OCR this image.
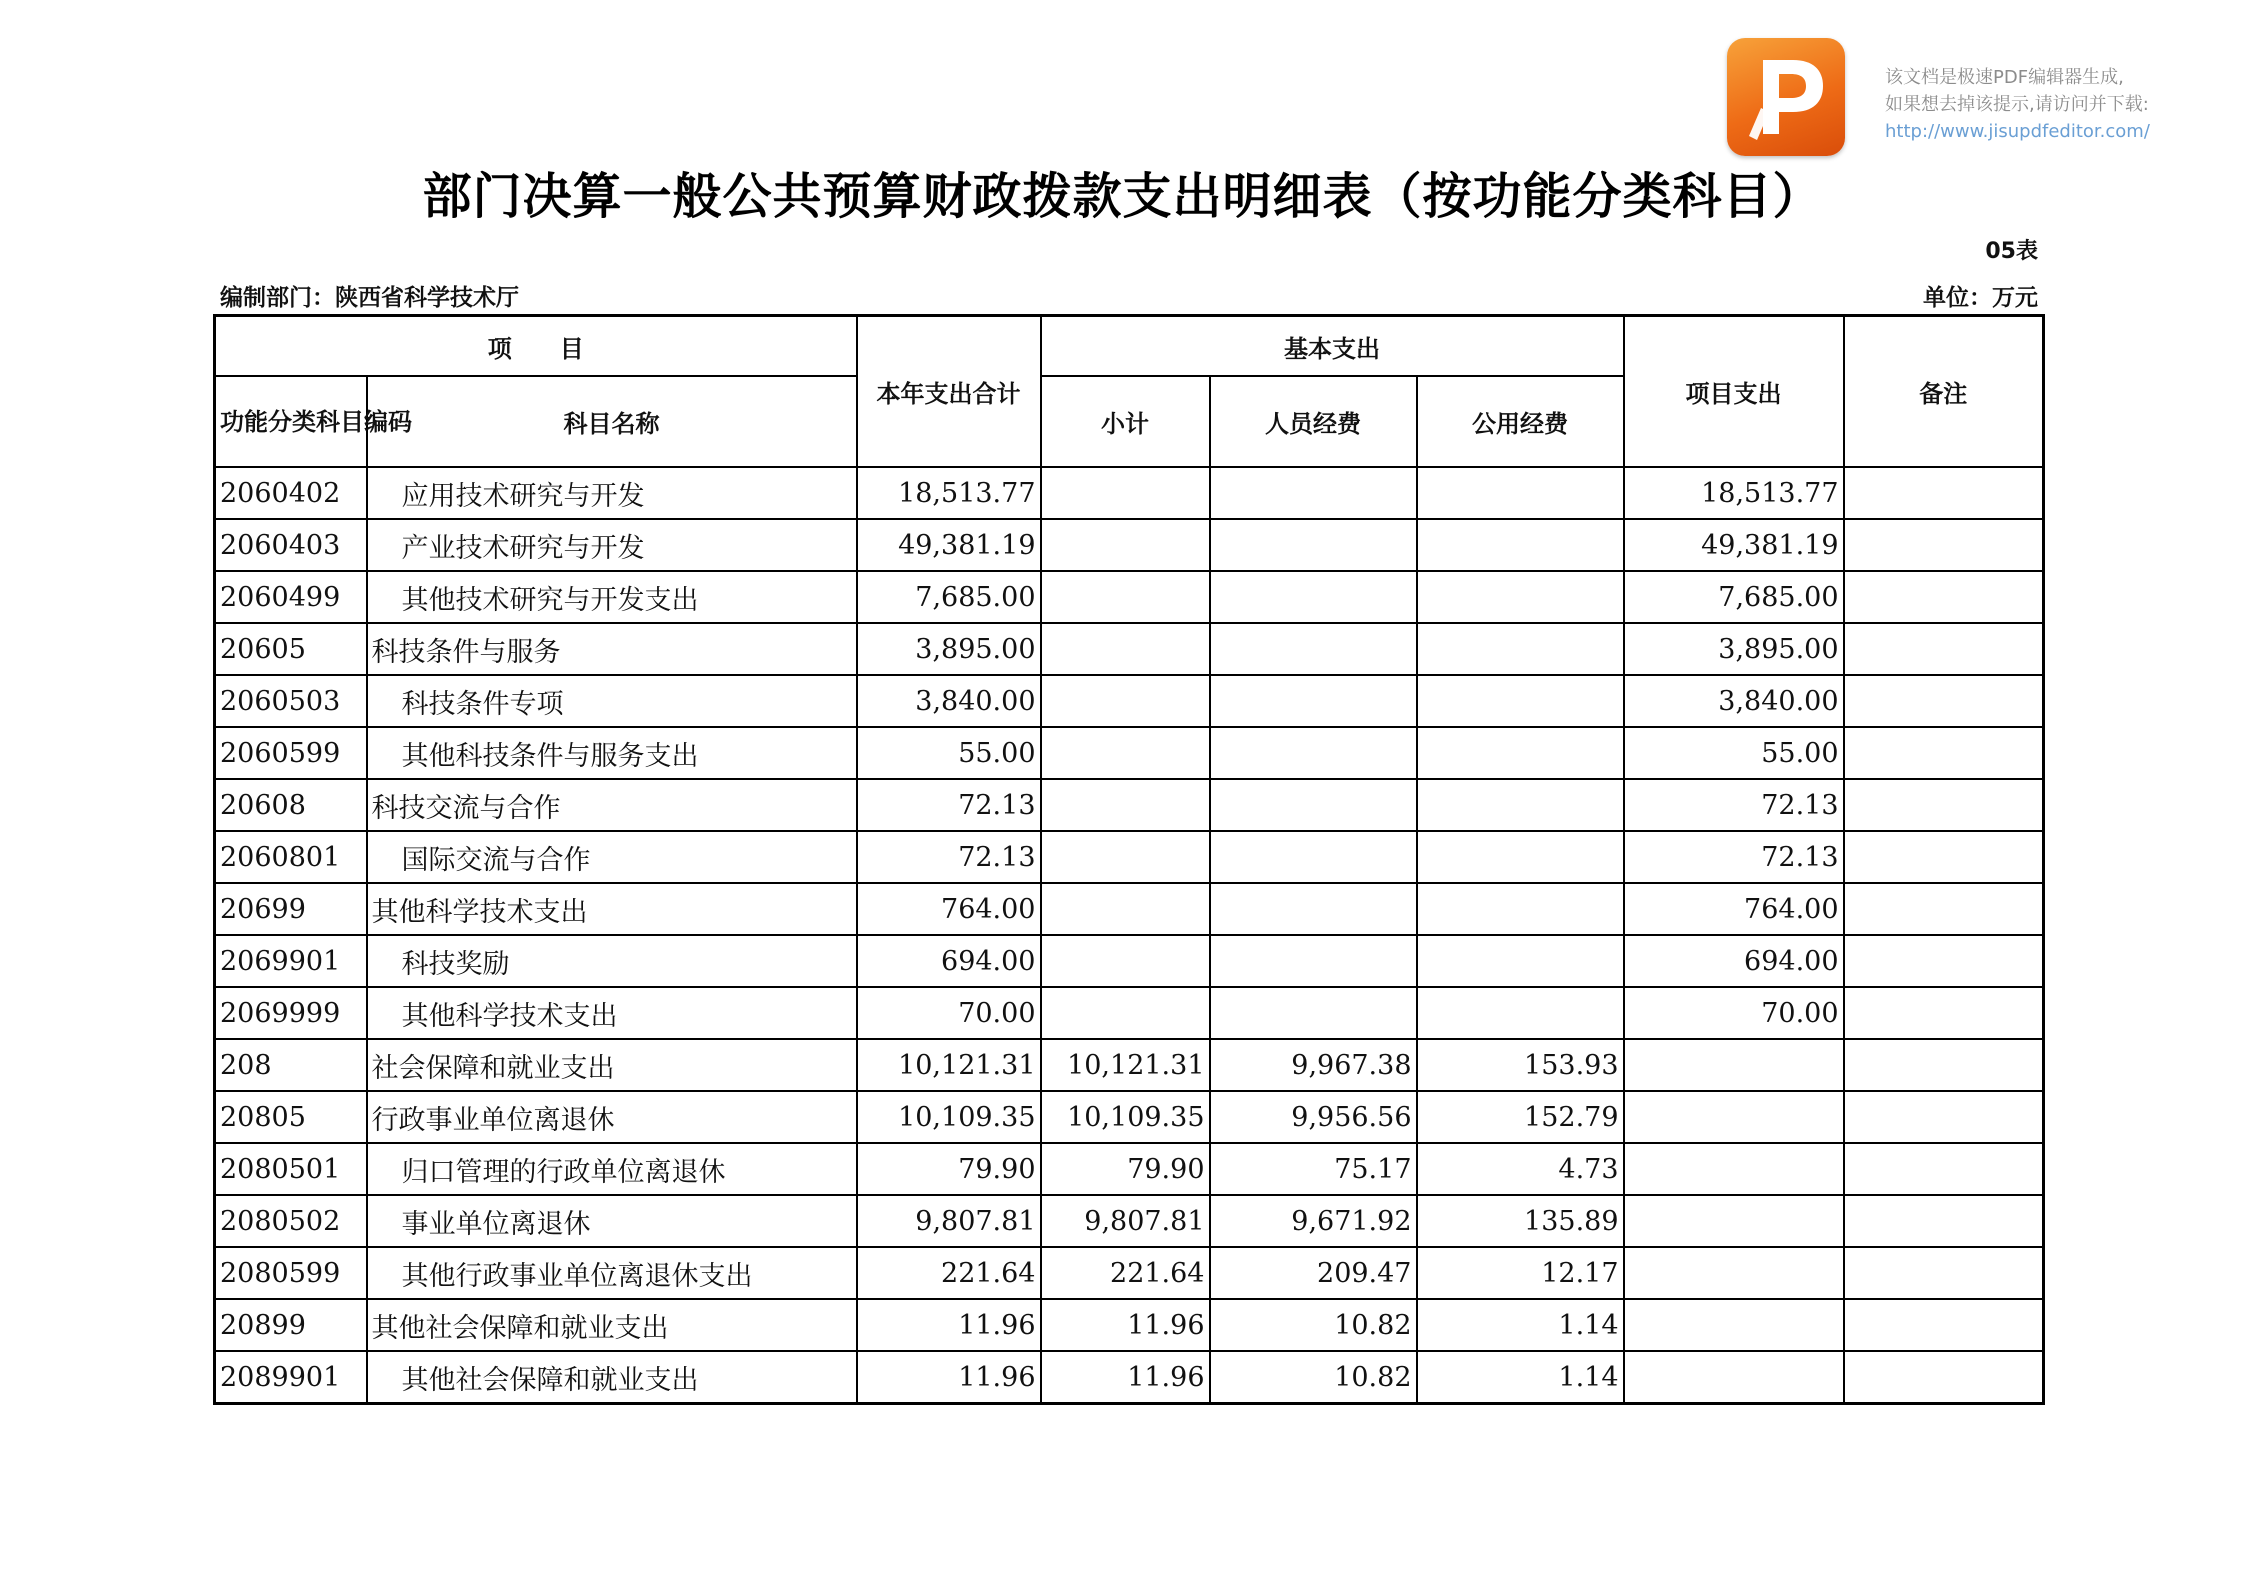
该文档是极速PDF编辑器生成,
如果想去掉该提示,请访问并下载:
http://www.jisupdfeditor.com/
部门决算一般公共预算财政拨款支出明细表（按功能分类科目）
05表
编制部门：陕西省科学技术厅	单位：万元
项　　目		本年支出合计	基本支出			项目支出	备注
功能分类科目编码	科目名称		小计	人员经费	公用经费		
2060402	应用技术研究与开发	18,513.77				18,513.77	
2060403	产业技术研究与开发	49,381.19				49,381.19	
2060499	其他技术研究与开发支出	7,685.00				7,685.00	
20605	科技条件与服务	3,895.00				3,895.00	
2060503	科技条件专项	3,840.00				3,840.00	
2060599	其他科技条件与服务支出	55.00				55.00	
20608	科技交流与合作	72.13				72.13	
2060801	国际交流与合作	72.13				72.13	
20699	其他科学技术支出	764.00				764.00	
2069901	科技奖励	694.00				694.00	
2069999	其他科学技术支出	70.00				70.00	
208	社会保障和就业支出	10,121.31	10,121.31	9,967.38	153.93		
20805	行政事业单位离退休	10,109.35	10,109.35	9,956.56	152.79		
2080501	归口管理的行政单位离退休	79.90	79.90	75.17	4.73		
2080502	事业单位离退休	9,807.81	9,807.81	9,671.92	135.89		
2080599	其他行政事业单位离退休支出	221.64	221.64	209.47	12.17		
20899	其他社会保障和就业支出	11.96	11.96	10.82	1.14		
2089901	其他社会保障和就业支出	11.96	11.96	10.82	1.14		
